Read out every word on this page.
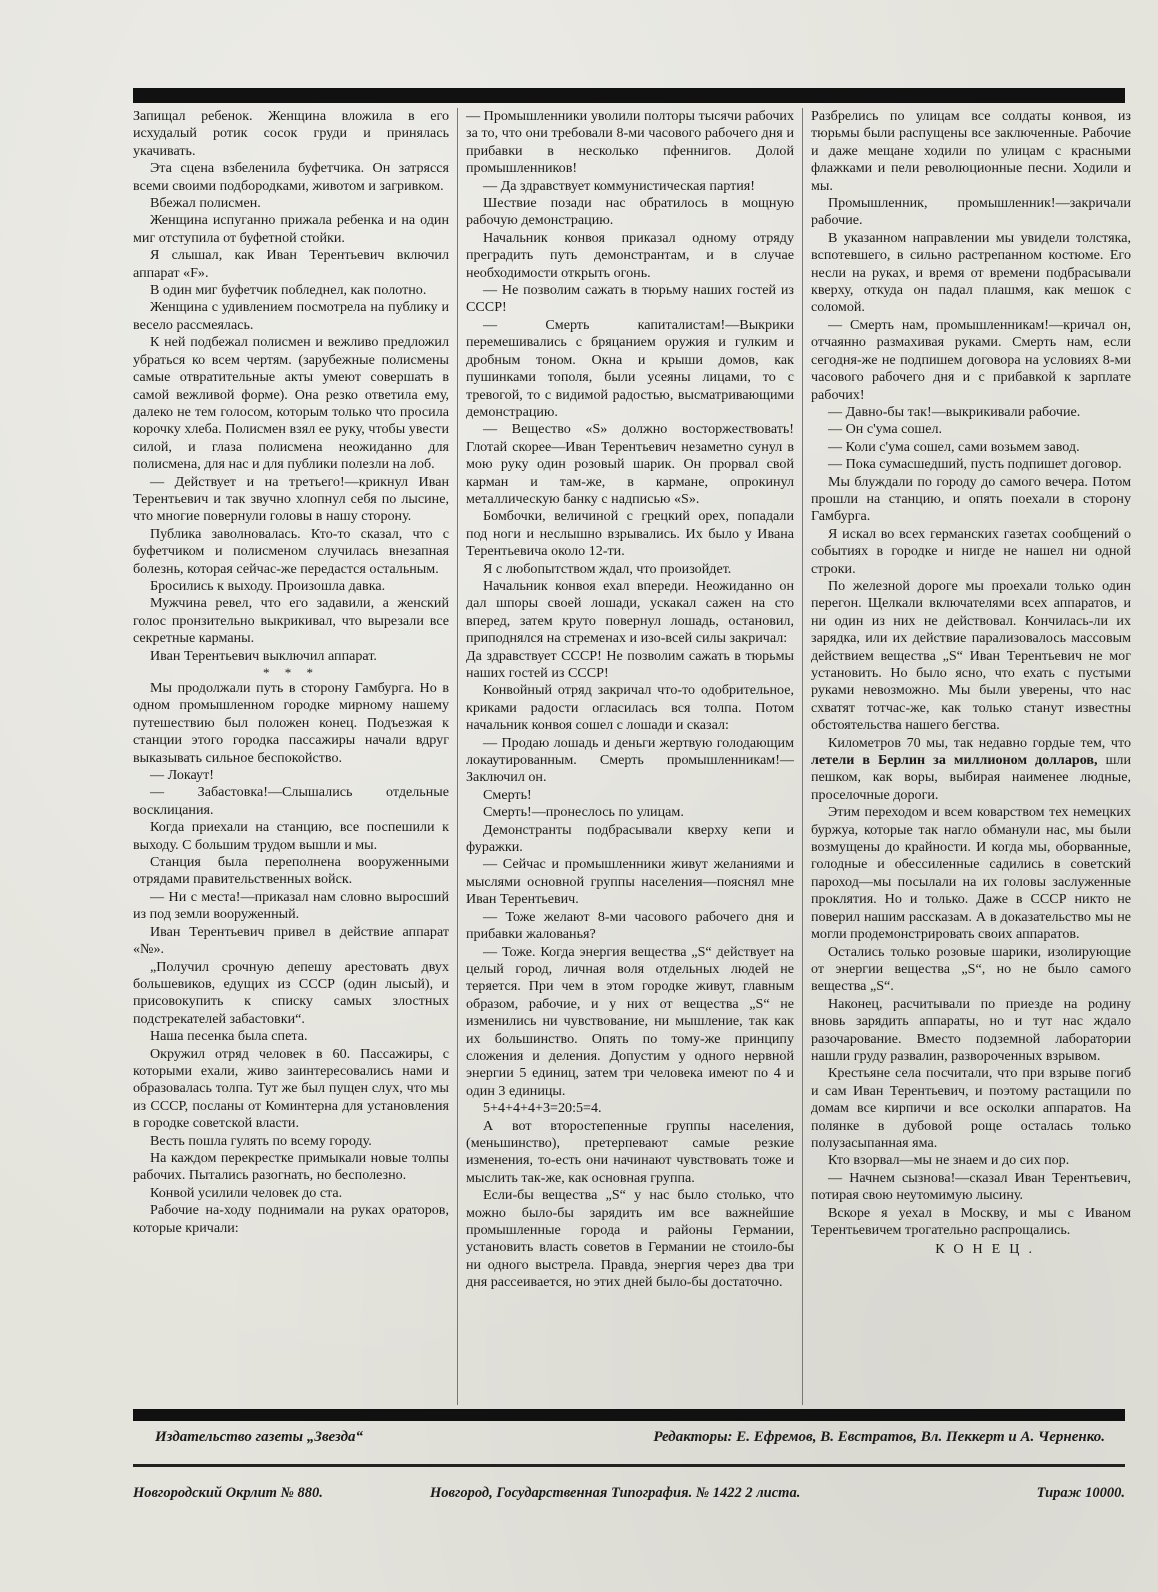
Запищал ребенок. Женщина вложила в его исхудалый ротик сосок груди и принялась укачивать.

Эта сцена взбеленила буфетчика. Он затрясся всеми своими подбородками, животом и загривком.

Вбежал полисмен.

Женщина испуганно прижала ребенка и на один миг отступила от буфетной стойки.

Я слышал, как Иван Терентьевич включил аппарат «F».

В один миг буфетчик побледнел, как полотно.

Женщина с удивлением посмотрела на публику и весело рассмеялась.

К ней подбежал полисмен и вежливо предложил убраться ко всем чертям. (зарубежные полисмены самые отвратительные акты умеют совершать в самой вежливой форме). Она резко ответила ему, далеко не тем голосом, которым только что просила корочку хлеба. Полисмен взял ее руку, чтобы увести силой, и глаза полисмена неожиданно для полисмена, для нас и для публики полезли на лоб.

— Действует и на третьего!—крикнул Иван Терентьевич и так звучно хлопнул себя по лысине, что многие повернули головы в нашу сторону.

Публика заволновалась. Кто-то сказал, что с буфетчиком и полисменом случилась внезапная болезнь, которая сейчас-же передастся остальным.

Бросились к выходу. Произошла давка.

Мужчина ревел, что его задавили, а женский голос пронзительно выкрикивал, что вырезали все секретные карманы.

Иван Терентьевич выключил аппарат.

* * *

Мы продолжали путь в сторону Гамбурга. Но в одном промышленном городке мирному нашему путешествию был положен конец. Подъезжая к станции этого городка пассажиры начали вдруг выказывать сильное беспокойство.

— Локаут!

— Забастовка!—Слышались отдельные восклицания.

Когда приехали на станцию, все поспешили к выходу. С большим трудом вышли и мы.

Станция была переполнена вооруженными отрядами правительственных войск.

— Ни с места!—приказал нам словно выросший из под земли вооруженный.

Иван Терентьевич привел в действие аппарат «№».

„Получил срочную депешу арестовать двух большевиков, едущих из СССР (один лысый), и присовокупить к списку самых злостных подстрекателей забастовки“.

Наша песенка была спета.

Окружил отряд человек в 60. Пассажиры, с которыми ехали, живо заинтересовались нами и образовалась толпа. Тут же был пущен слух, что мы из СССР, посланы от Коминтерна для установления в городке советской власти.

Весть пошла гулять по всему городу.

На каждом перекрестке примыкали новые толпы рабочих. Пытались разогнать, но бесполезно.

Конвой усилили человек до ста.

Рабочие на-ходу поднимали на руках ораторов, которые кричали:

— Промышленники уволили полторы тысячи рабочих за то, что они требовали 8-ми часового рабочего дня и прибавки в несколько пфеннигов. Долой промышленников!

— Да здравствует коммунистическая партия!

Шествие позади нас обратилось в мощную рабочую демонстрацию.

Начальник конвоя приказал одному отряду преградить путь демонстрантам, и в случае необходимости открыть огонь.

— Не позволим сажать в тюрьму наших гостей из СССР!

— Смерть капиталистам!—Выкрики перемешивались с бряцанием оружия и гулким и дробным тоном. Окна и крыши домов, как пушинками тополя, были усеяны лицами, то с тревогой, то с видимой радостью, высматривающими демонстрацию.

— Вещество «S» должно восторжествовать! Глотай скорее—Иван Терентьевич незаметно сунул в мою руку один розовый шарик. Он прорвал свой карман и там-же, в кармане, опрокинул металлическую банку с надписью «S».

Бомбочки, величиной с грецкий орех, попадали под ноги и неслышно взрывались. Их было у Ивана Терентьевича около 12-ти.

Я с любопытством ждал, что произойдет.

Начальник конвоя ехал впереди. Неожиданно он дал шпоры своей лошади, ускакал сажен на сто вперед, затем круто повернул лошадь, остановил, приподнялся на стременах и изо-всей силы закричал:

Да здравствует СССР! Не позволим сажать в тюрьмы наших гостей из СССР!

Конвойный отряд закричал что-то одобрительное, криками радости огласилась вся толпа. Потом начальник конвоя сошел с лошади и сказал:

— Продаю лошадь и деньги жертвую голодающим локаутированным. Смерть промышленникам!—Заключил он.

Смерть!

Смерть!—пронеслось по улицам.

Демонстранты подбрасывали кверху кепи и фуражки.

— Сейчас и промышленники живут желаниями и мыслями основной группы населения—пояснял мне Иван Терентьевич.

— Тоже желают 8-ми часового рабочего дня и прибавки жалованья?

— Тоже. Когда энергия вещества „S“ действует на целый город, личная воля отдельных людей не теряется. При чем в этом городке живут, главным образом, рабочие, и у них от вещества „S“ не изменились ни чувствование, ни мышление, так как их большинство. Опять по тому-же принципу сложения и деления. Допустим у одного нервной энергии 5 единиц, затем три человека имеют по 4 и один 3 единицы.

5+4+4+4+3=20:5=4.

А вот второстепенные группы населения, (меньшинство), претерпевают самые резкие изменения, то-есть они начинают чувствовать тоже и мыслить так-же, как основная группа.

Если-бы вещества „S“ у нас было столько, что можно было-бы зарядить им все важнейшие промышленные города и районы Германии, установить власть советов в Германии не стоило-бы ни одного выстрела. Правда, энергия через два три дня рассеивается, но этих дней было-бы достаточно.

Разбрелись по улицам все солдаты конвоя, из тюрьмы были распущены все заключенные. Рабочие и даже мещане ходили по улицам с красными флажками и пели революционные песни. Ходили и мы.

Промышленник, промышленник!—закричали рабочие.

В указанном направлении мы увидели толстяка, вспотевшего, в сильно растрепанном костюме. Его несли на руках, и время от времени подбрасывали кверху, откуда он падал плашмя, как мешок с соломой.

— Смерть нам, промышленникам!—кричал он, отчаянно размахивая руками. Смерть нам, если сегодня-же не подпишем договора на условиях 8-ми часового рабочего дня и с прибавкой к зарплате рабочих!

— Давно-бы так!—выкрикивали рабочие.

— Он с'ума сошел.

— Коли с'ума сошел, сами возьмем завод.

— Пока сумасшедший, пусть подпишет договор.

Мы блуждали по городу до самого вечера. Потом прошли на станцию, и опять поехали в сторону Гамбурга.

Я искал во всех германских газетах сообщений о событиях в городке и нигде не нашел ни одной строки.

По железной дороге мы проехали только один перегон. Щелкали включателями всех аппаратов, и ни один из них не действовал. Кончилась-ли их зарядка, или их действие парализовалось массовым действием вещества „S“ Иван Терентьевич не мог установить. Но было ясно, что ехать с пустыми руками невозможно. Мы были уверены, что нас схватят тотчас-же, как только станут известны обстоятельства нашего бегства.

Километров 70 мы, так недавно гордые тем, что летели в Берлин за миллионом долларов, шли пешком, как воры, выбирая наименее людные, проселочные дороги.

Этим переходом и всем коварством тех немецких буржуа, которые так нагло обманули нас, мы были возмущены до крайности. И когда мы, оборванные, голодные и обессиленные садились в советский пароход—мы посылали на их головы заслуженные проклятия. Но и только. Даже в СССР никто не поверил нашим рассказам. А в доказательство мы не могли продемонстрировать своих аппаратов.

Остались только розовые шарики, изолирующие от энергии вещества „S“, но не было самого вещества „S“.

Наконец, расчитывали по приезде на родину вновь зарядить аппараты, но и тут нас ждало разочарование. Вместо подземной лаборатории нашли груду развалин, развороченных взрывом.

Крестьяне села посчитали, что при взрыве погиб и сам Иван Терентьевич, и поэтому растащили по домам все кирпичи и все осколки аппаратов. На полянке в дубовой роще осталась только полузасыпанная яма.

Кто взорвал—мы не знаем и до сих пор.

— Начнем сызнова!—сказал Иван Терентьевич, потирая свою неутомимую лысину.

Вскоре я уехал в Москву, и мы с Иваном Терентьевичем трогательно распрощались.

КОНЕЦ.

Издательство газеты „Звезда“	Редакторы: Е. Ефремов, В. Евстратов, Вл. Пеккерт и А. Черненко.
Новгородский Окрлит № 880.	Новгород, Государственная Типография. № 1422 2 листа.	Тираж 10000.
